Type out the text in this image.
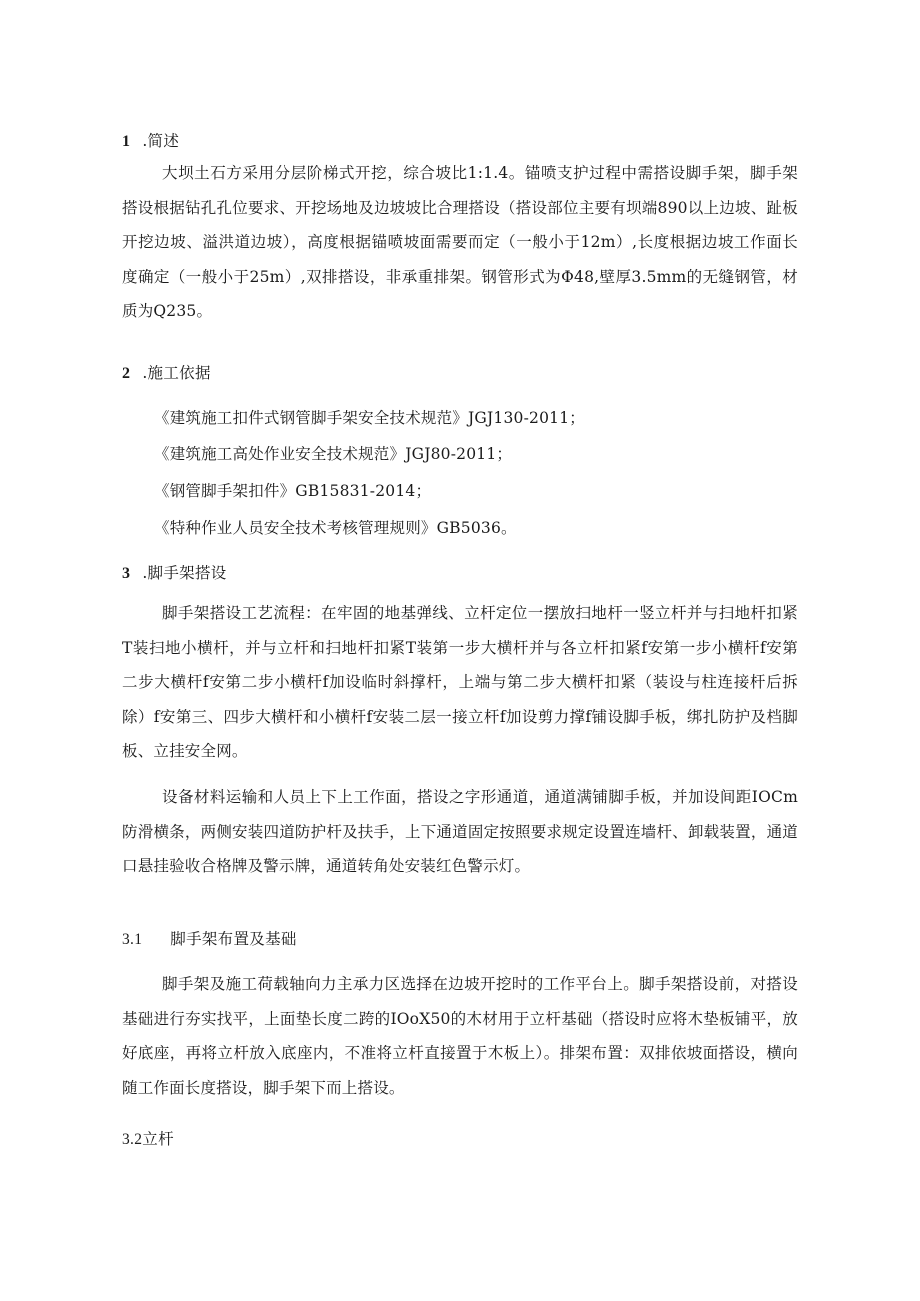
1 .简述

大坝土石方采用分层阶梯式开挖，综合坡比1:1.4。锚喷支护过程中需搭设脚手架，脚手架搭设根据钻孔孔位要求、开挖场地及边坡坡比合理搭设（搭设部位主要有坝端890以上边坡、趾板开挖边坡、溢洪道边坡），高度根据锚喷坡面需要而定（一般小于12m）,长度根据边坡工作面长度确定（一般小于25m）,双排搭设，非承重排架。钢管形式为Φ48,壁厚3.5mm的无缝钢管，材质为Q235。

2 .施工依据

《建筑施工扣件式钢管脚手架安全技术规范》JGJ130-2011；

《建筑施工高处作业安全技术规范》JGJ80-2011；

《钢管脚手架扣件》GB15831-2014；

《特种作业人员安全技术考核管理规则》GB5036。

3 .脚手架搭设

脚手架搭设工艺流程：在牢固的地基弹线、立杆定位一摆放扫地杆一竖立杆并与扫地杆扣紧T装扫地小横杆，并与立杆和扫地杆扣紧T装第一步大横杆并与各立杆扣紧f安第一步小横杆f安第二步大横杆f安第二步小横杆f加设临时斜撑杆，上端与第二步大横杆扣紧（装设与柱连接杆后拆除）f安第三、四步大横杆和小横杆f安装二层一接立杆f加设剪力撑f铺设脚手板，绑扎防护及档脚板、立挂安全网。

设备材料运输和人员上下上工作面，搭设之字形通道，通道满铺脚手板，并加设间距IOCm防滑横条，两侧安装四道防护杆及扶手，上下通道固定按照要求规定设置连墙杆、卸载装置，通道口悬挂验收合格牌及警示牌，通道转角处安装红色警示灯。

3.1 脚手架布置及基础

脚手架及施工荷载轴向力主承力区选择在边坡开挖时的工作平台上。脚手架搭设前，对搭设基础进行夯实找平，上面垫长度二跨的IOoX50的木材用于立杆基础（搭设时应将木垫板铺平，放好底座，再将立杆放入底座内，不准将立杆直接置于木板上）。排架布置：双排依坡面搭设，横向随工作面长度搭设，脚手架下而上搭设。

3.2立杆
